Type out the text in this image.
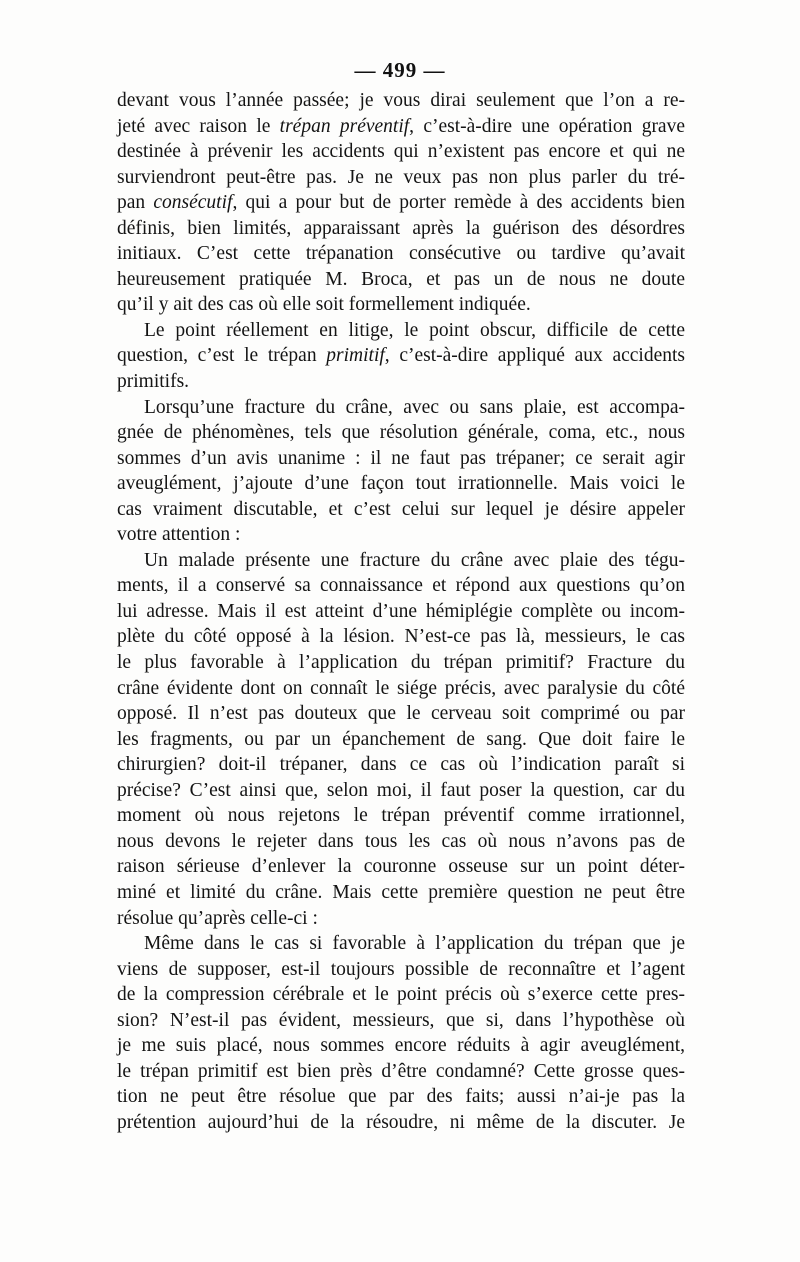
— 499 —

devant vous l’année passée; je vous dirai seulement que l’on a re-
jeté avec raison le trépan préventif, c’est-à-dire une opération grave
destinée à prévenir les accidents qui n’existent pas encore et qui ne
surviendront peut-être pas. Je ne veux pas non plus parler du tré-
pan consécutif, qui a pour but de porter remède à des accidents bien
définis, bien limités, apparaissant après la guérison des désordres
initiaux. C’est cette trépanation consécutive ou tardive qu’avait
heureusement pratiquée M. Broca, et pas un de nous ne doute
qu’il y ait des cas où elle soit formellement indiquée.

Le point réellement en litige, le point obscur, difficile de cette
question, c’est le trépan primitif, c’est-à-dire appliqué aux accidents
primitifs.

Lorsqu’une fracture du crâne, avec ou sans plaie, est accompa-
gnée de phénomènes, tels que résolution générale, coma, etc., nous
sommes d’un avis unanime : il ne faut pas trépaner; ce serait agir
aveuglément, j’ajoute d’une façon tout irrationnelle. Mais voici le
cas vraiment discutable, et c’est celui sur lequel je désire appeler
votre attention :

Un malade présente une fracture du crâne avec plaie des tégu-
ments, il a conservé sa connaissance et répond aux questions qu’on
lui adresse. Mais il est atteint d’une hémiplégie complète ou incom-
plète du côté opposé à la lésion. N’est-ce pas là, messieurs, le cas
le plus favorable à l’application du trépan primitif? Fracture du
crâne évidente dont on connaît le siége précis, avec paralysie du côté
opposé. Il n’est pas douteux que le cerveau soit comprimé ou par
les fragments, ou par un épanchement de sang. Que doit faire le
chirurgien? doit-il trépaner, dans ce cas où l’indication paraît si
précise? C’est ainsi que, selon moi, il faut poser la question, car du
moment où nous rejetons le trépan préventif comme irrationnel,
nous devons le rejeter dans tous les cas où nous n’avons pas de
raison sérieuse d’enlever la couronne osseuse sur un point déter-
miné et limité du crâne. Mais cette première question ne peut être
résolue qu’après celle-ci :

Même dans le cas si favorable à l’application du trépan que je
viens de supposer, est-il toujours possible de reconnaître et l’agent
de la compression cérébrale et le point précis où s’exerce cette pres-
sion? N’est-il pas évident, messieurs, que si, dans l’hypothèse où
je me suis placé, nous sommes encore réduits à agir aveuglément,
le trépan primitif est bien près d’être condamné? Cette grosse ques-
tion ne peut être résolue que par des faits; aussi n’ai-je pas la
prétention aujourd’hui de la résoudre, ni même de la discuter. Je
